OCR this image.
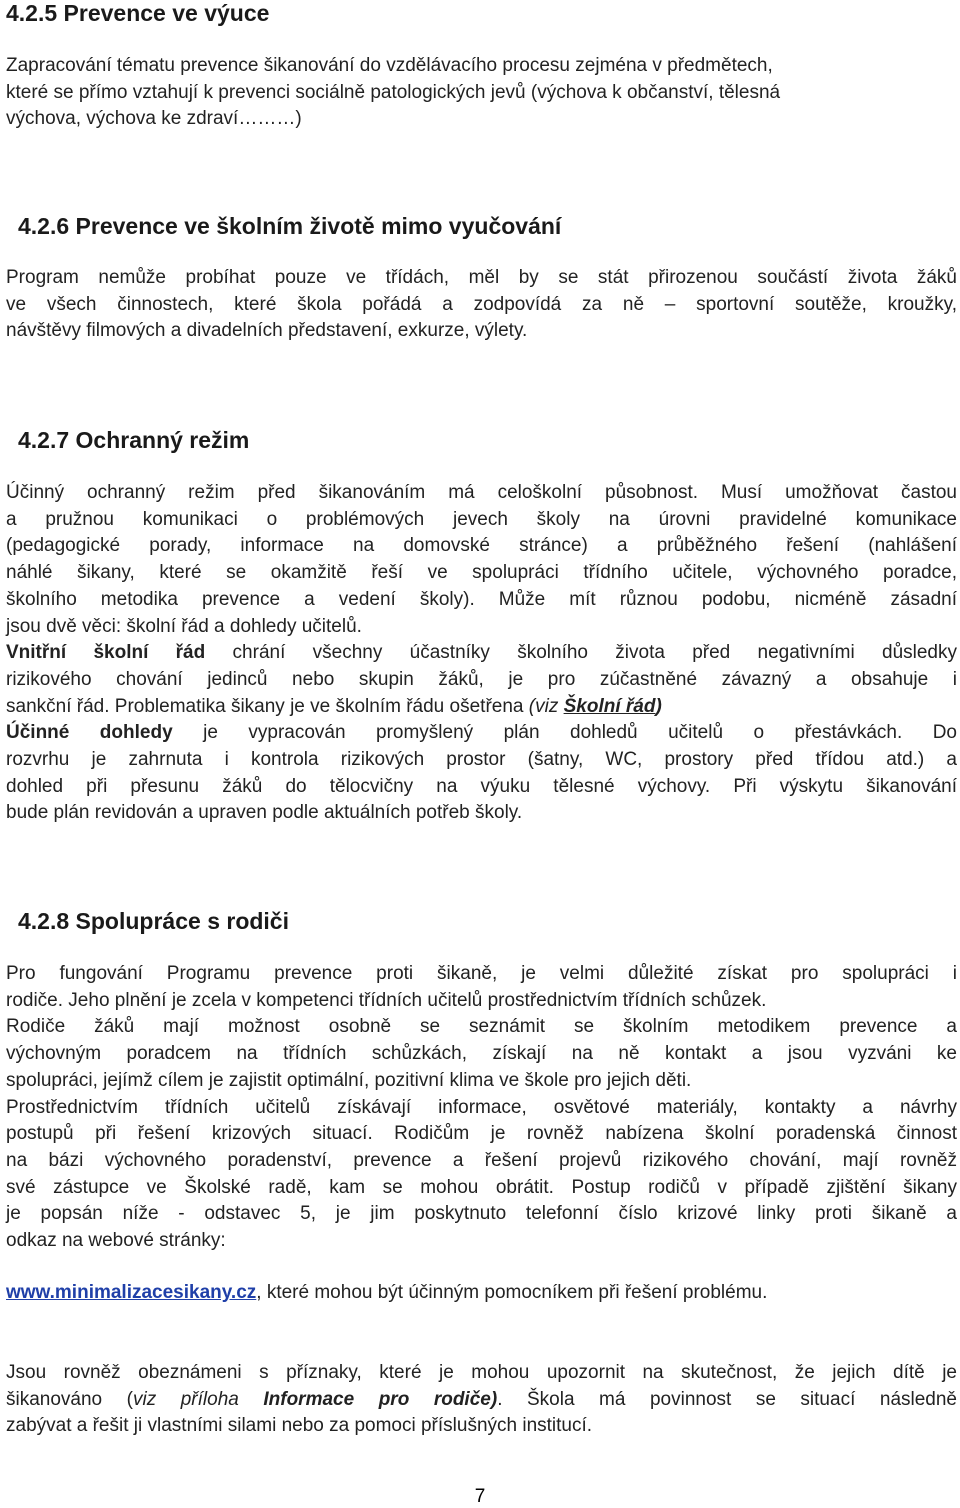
4.2.5 Prevence ve výuce
Zapracování tématu prevence šikanování do vzdělávacího procesu zejména v předmětech,
které se přímo vztahují k prevenci sociálně patologických jevů (výchova k občanství, tělesná
výchova, výchova ke zdraví………)
4.2.6 Prevence ve školním životě mimo vyučování
Program nemůže probíhat pouze ve třídách, měl by se stát přirozenou součástí života žáků
ve všech činnostech, které škola pořádá a zodpovídá za ně – sportovní soutěže, kroužky,
návštěvy filmových a divadelních představení, exkurze, výlety.
4.2.7 Ochranný režim
Účinný ochranný režim před šikanováním má celoškolní působnost. Musí umožňovat častou
a pružnou komunikaci o problémových jevech školy na úrovni pravidelné komunikace
(pedagogické porady, informace na domovské stránce) a průběžného řešení (nahlášení
náhlé šikany, které se okamžitě řeší ve spolupráci třídního učitele, výchovného poradce,
školního metodika prevence a vedení školy). Může mít různou podobu, nicméně zásadní
jsou dvě věci: školní řád a dohledy učitelů.
Vnitřní školní řád chrání všechny účastníky školního života před negativními důsledky
rizikového chování jedinců nebo skupin žáků, je pro zúčastněné závazný a obsahuje i
sankční řád. Problematika šikany je ve školním řádu ošetřena (viz Školní řád)
Účinné dohledy je vypracován promyšlený plán dohledů učitelů o přestávkách. Do
rozvrhu je zahrnuta i kontrola rizikových prostor (šatny, WC, prostory před třídou atd.) a
dohled při přesunu žáků do tělocvičny na výuku tělesné výchovy. Při výskytu šikanování
bude plán revidován a upraven podle aktuálních potřeb školy.
4.2.8 Spolupráce s rodiči
Pro fungování Programu prevence proti šikaně, je velmi důležité získat pro spolupráci i
rodiče. Jeho plnění je zcela v kompetenci třídních učitelů prostřednictvím třídních schůzek.
Rodiče žáků mají možnost osobně se seznámit se školním metodikem prevence a
výchovným poradcem na třídních schůzkách, získají na ně kontakt a jsou vyzváni ke
spolupráci, jejímž cílem je zajistit optimální, pozitivní klima ve škole pro jejich děti.
Prostřednictvím třídních učitelů získávají informace, osvětové materiály, kontakty a návrhy
postupů při řešení krizových situací. Rodičům je rovněž nabízena školní poradenská činnost
na bázi výchovného poradenství, prevence a řešení projevů rizikového chování, mají rovněž
své zástupce ve Školské radě, kam se mohou obrátit. Postup rodičů v případě zjištění šikany
je popsán níže - odstavec 5, je jim poskytnuto telefonní číslo krizové linky proti šikaně a
odkaz na webové stránky:
www.minimalizacesikany.cz, které mohou být účinným pomocníkem při řešení problému.
Jsou rovněž obeznámeni s příznaky, které je mohou upozornit na skutečnost, že jejich dítě je
šikanováno (viz příloha Informace pro rodiče). Škola má povinnost se situací následně
zabývat a řešit ji vlastními silami nebo za pomoci příslušných institucí.
7
